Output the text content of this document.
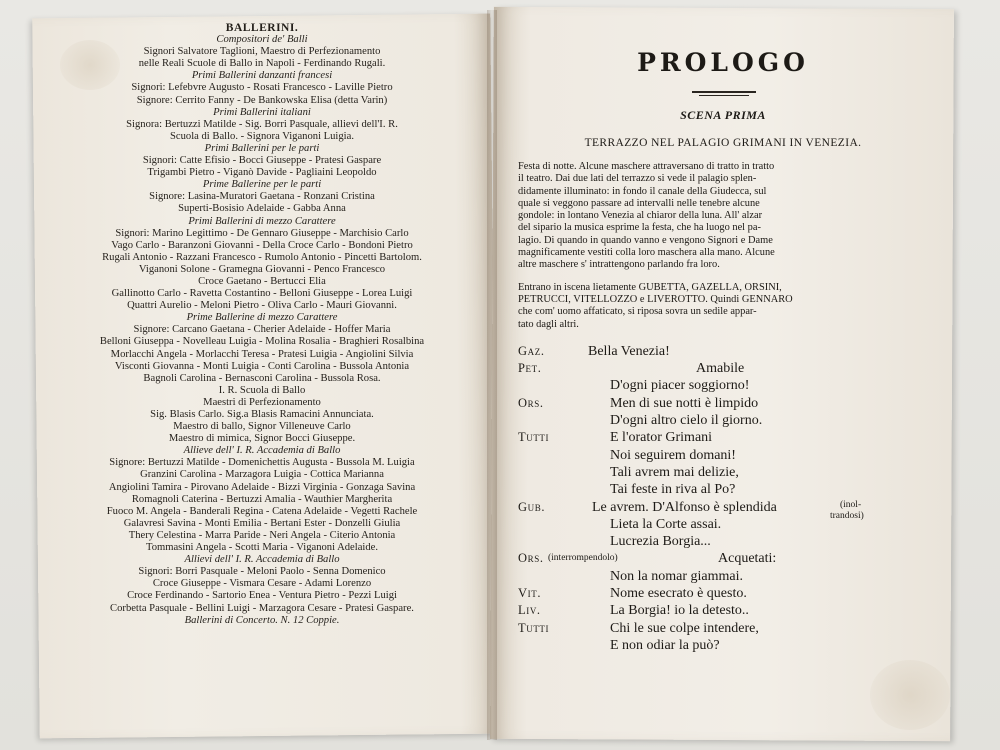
BALLERINI.
Compositori de' Balli
Signori Salvatore Taglioni, Maestro di Perfezionamento
nelle Reali Scuole di Ballo in Napoli - Ferdinando Rugali.
Primi Ballerini danzanti francesi
Signori: Lefebvre Augusto - Rosati Francesco - Laville Pietro
Signore: Cerrito Fanny - De Bankowska Elisa (detta Varin)
Primi Ballerini italiani
Signora: Bertuzzi Matilde - Sig. Borri Pasquale, allievi dell'I. R.
Scuola di Ballo. - Signora Viganoni Luigia.
Primi Ballerini per le parti
Signori: Catte Efisio - Bocci Giuseppe - Pratesi Gaspare
Trigambi Pietro - Viganò Davide - Pagliaini Leopoldo
Prime Ballerine per le parti
Signore: Lasina-Muratori Gaetana - Ronzani Cristina
Superti-Bosisio Adelaide - Gabba Anna
Primi Ballerini di mezzo Carattere
Signori: Marino Legittimo - De Gennaro Giuseppe - Marchisio Carlo
Vago Carlo - Baranzoni Giovanni - Della Croce Carlo - Bondoni Pietro
Rugali Antonio - Razzani Francesco - Rumolo Antonio - Pincetti Bartolom.
Viganoni Solone - Gramegna Giovanni - Penco Francesco
Croce Gaetano - Bertucci Elia
Gallinotto Carlo - Ravetta Costantino - Belloni Giuseppe - Lorea Luigi
Quattri Aurelio - Meloni Pietro - Oliva Carlo - Mauri Giovanni.
Prime Ballerine di mezzo Carattere
Signore: Carcano Gaetana - Cherier Adelaide - Hoffer Maria
Belloni Giuseppa - Novelleau Luigia - Molina Rosalia - Braghieri Rosalbina
Morlacchi Angela - Morlacchi Teresa - Pratesi Luigia - Angiolini Silvia
Visconti Giovanna - Monti Luigia - Conti Carolina - Bussola Antonia
Bagnoli Carolina - Bernasconi Carolina - Bussola Rosa.
I. R. Scuola di Ballo
Maestri di Perfezionamento
Sig. Blasis Carlo. Sig.a Blasis Ramacini Annunciata.
Maestro di ballo, Signor Villeneuve Carlo
Maestro di mimica, Signor Bocci Giuseppe.
Allieve dell' I. R. Accademia di Ballo
Signore: Bertuzzi Matilde - Domenichettis Augusta - Bussola M. Luigia
Granzini Carolina - Marzagora Luigia - Cottica Marianna
Angiolini Tamira - Pirovano Adelaide - Bizzi Virginia - Gonzaga Savina
Romagnoli Caterina - Bertuzzi Amalia - Wauthier Margherita
Fuoco M. Angela - Banderali Regina - Catena Adelaide - Vegetti Rachele
Galavresi Savina - Monti Emilia - Bertani Ester - Donzelli Giulia
Thery Celestina - Marra Paride - Neri Angela - Citerio Antonia
Tommasini Angela - Scotti Maria - Viganoni Adelaide.
Allievi dell' I. R. Accademia di Ballo
Signori: Borri Pasquale - Meloni Paolo - Senna Domenico
Croce Giuseppe - Vismara Cesare - Adami Lorenzo
Croce Ferdinando - Sartorio Enea - Ventura Pietro - Pezzi Luigi
Corbetta Pasquale - Bellini Luigi - Marzagora Cesare - Pratesi Gaspare.
Ballerini di Concerto. N. 12 Coppie.
PROLOGO
SCENA PRIMA
TERRAZZO NEL PALAGIO GRIMANI IN VENEZIA.
Festa di notte. Alcune maschere attraversano di tratto in tratto
il teatro. Dai due lati del terrazzo si vede il palagio splen-
didamente illuminato: in fondo il canale della Giudecca, sul
quale si veggono passare ad intervalli nelle tenebre alcune
gondole: in lontano Venezia al chiaror della luna. All' alzar
del sipario la musica esprime la festa, che ha luogo nel pa-
lagio. Di quando in quando vanno e vengono Signori e Dame
magnificamente vestiti colla loro maschera alla mano. Alcune
altre maschere s' intrattengono parlando fra loro.
Entrano in iscena lietamente GUBETTA, GAZELLA, ORSINI,
PETRUCCI, VITELLOZZO e LIVEROTTO. Quindi GENNARO
che com' uomo affaticato, si riposa sovra un sedile appar-
tato dagli altri.
(interrompendolo)
(inol-
trandosi)
Gaz.	Bella Venezia!
Pet.	Amabile
D'ogni piacer soggiorno!
Ors.	Men di sue notti è limpido
D'ogni altro cielo il giorno.
Tutti	E l'orator Grimani
Noi seguirem domani!
Tali avrem mai delizie,
Tai feste in riva al Po?
Gub.	Le avrem. D'Alfonso è splendida
Lieta la Corte assai.
Lucrezia Borgia...
Ors.	Acquetati:
Non la nomar giammai.
Vit.	Nome esecrato è questo.
Liv.	La Borgia! io la detesto..
Tutti	Chi le sue colpe intendere,
E non odiar la può?
